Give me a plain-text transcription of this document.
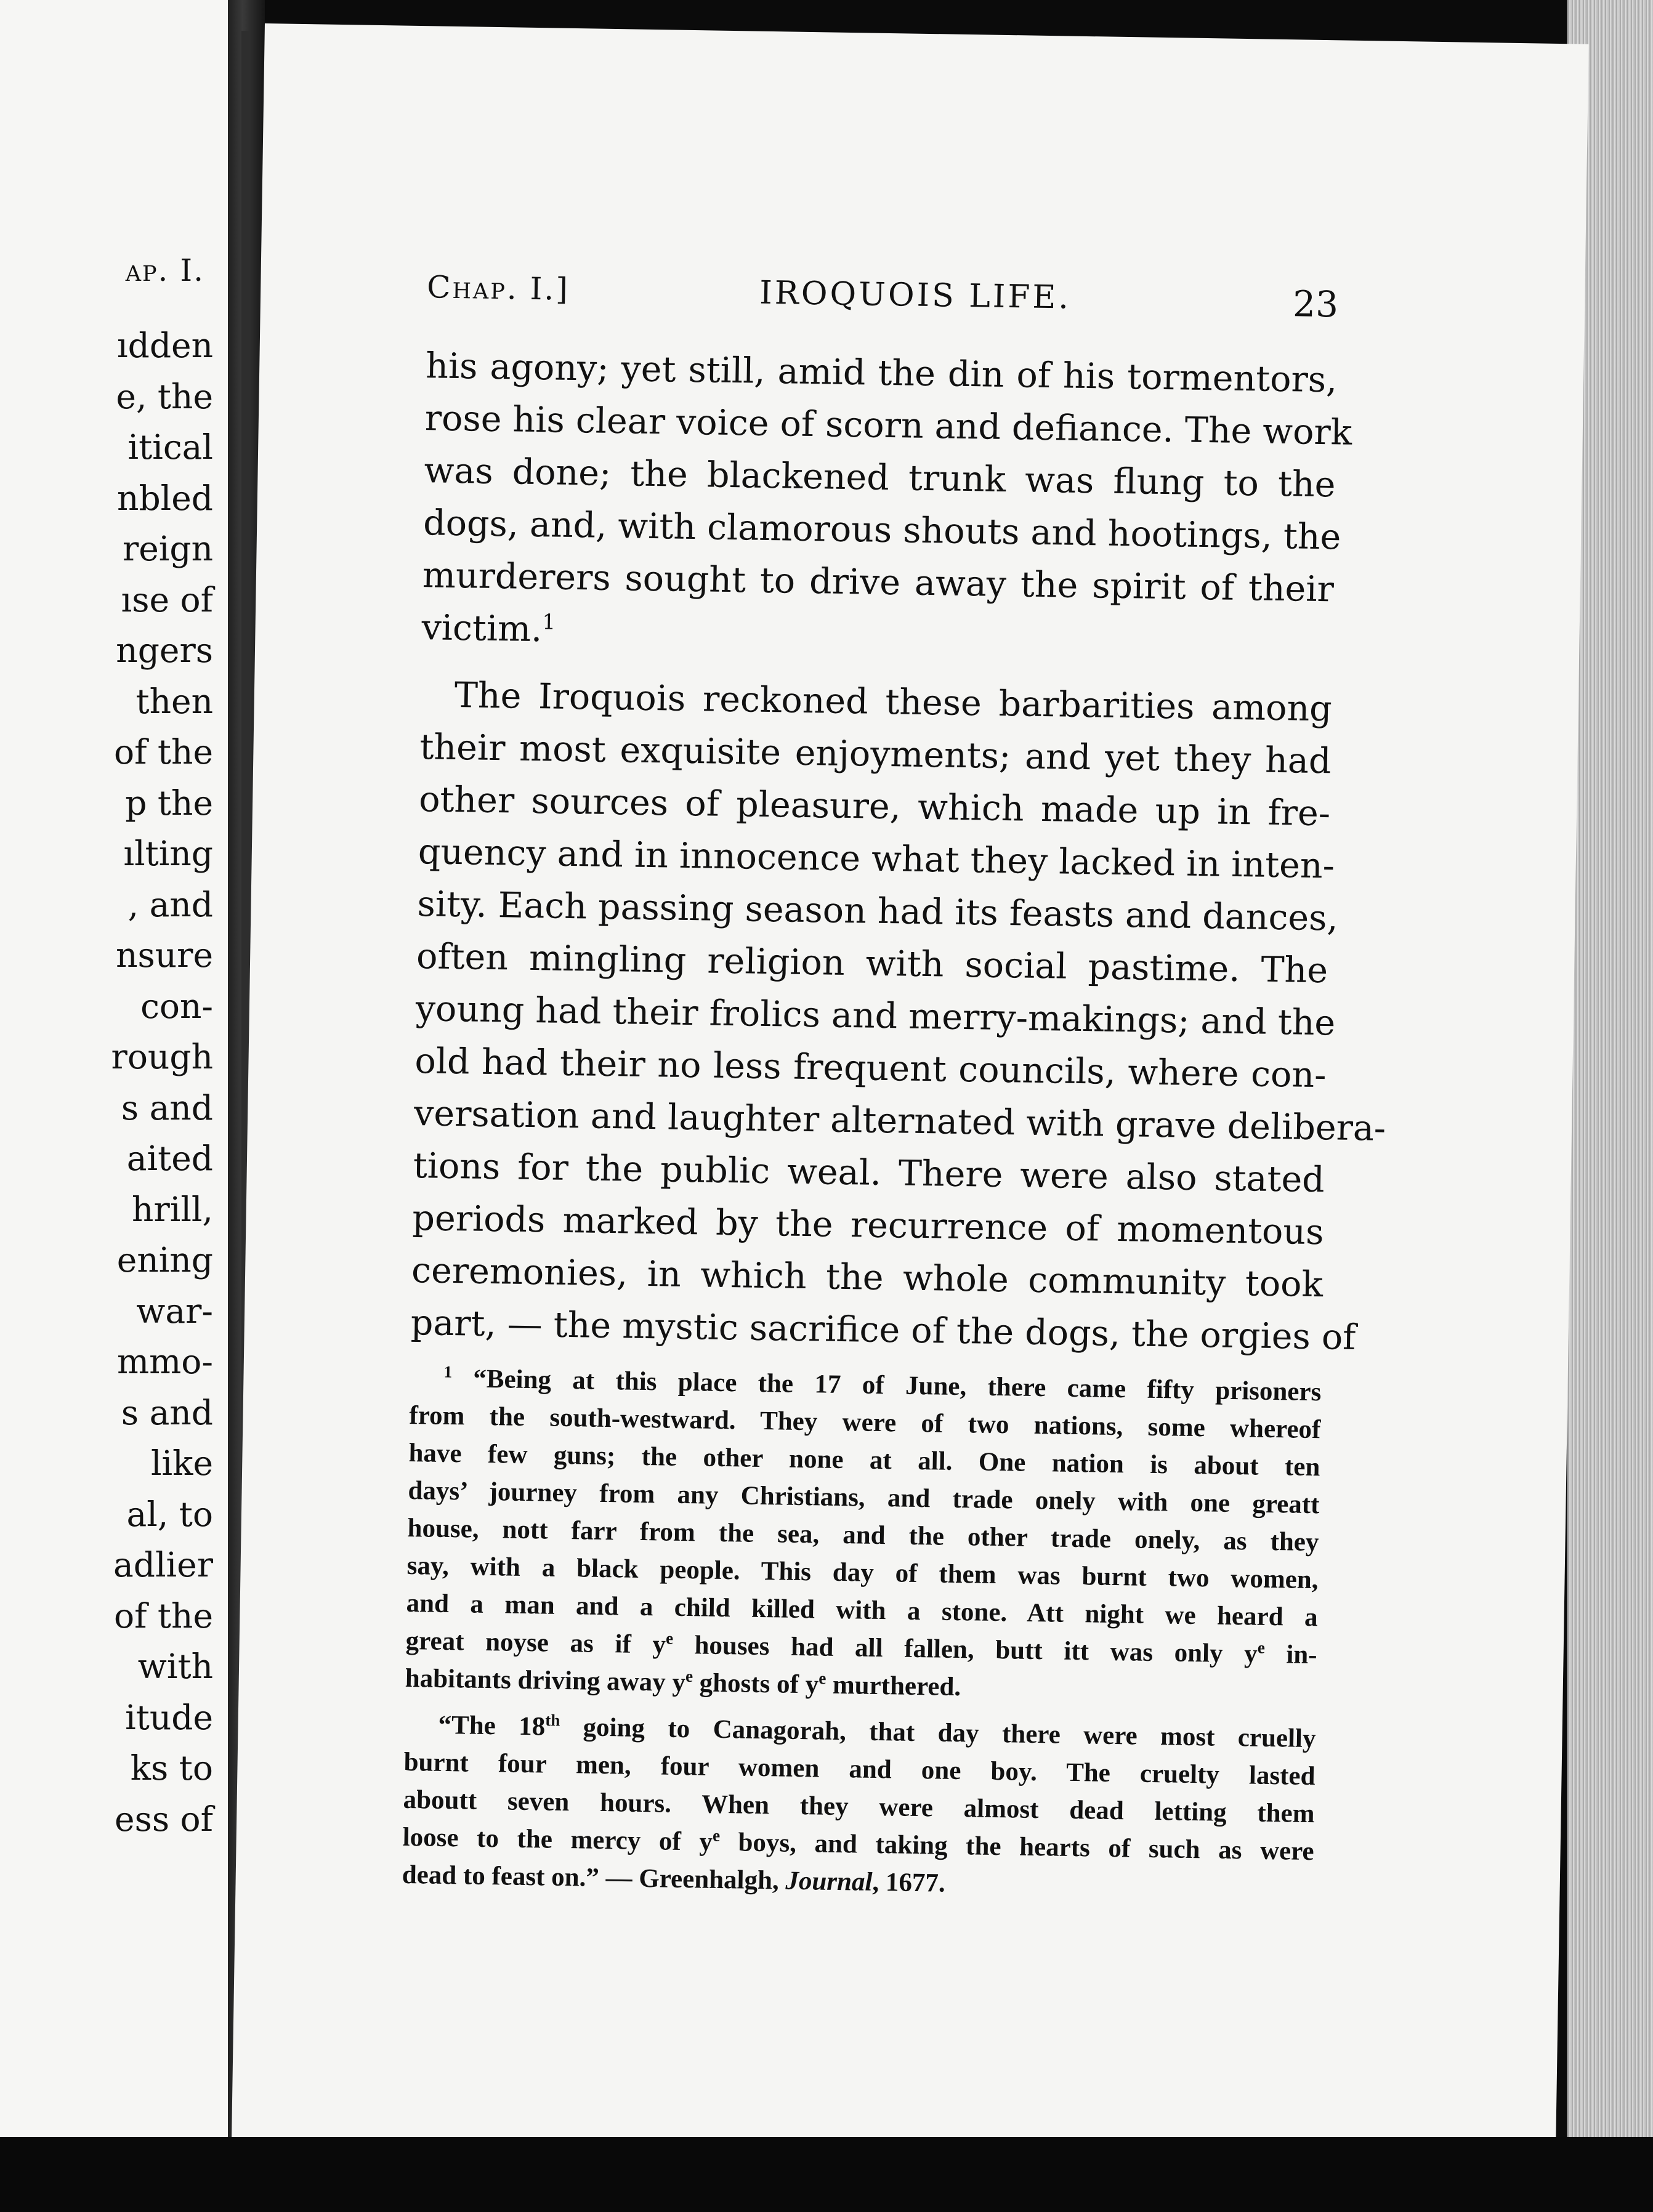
ap. I.
ıdden
e, the
itical
nbled
reign
ıse of
ngers
then
of the
p the
ılting
, and
nsure
con-
rough
s and
aited
hrill,
ening
war-
mmo-
s and
like
al, to
adlier
of the
with
itude
ks to
ess of
Chap. I.]	IROQUOIS LIFE.	23
his agony; yet still, amid the din of his tormentors,
rose his clear voice of scorn and defiance. The work
was done; the blackened trunk was flung to the
dogs, and, with clamorous shouts and hootings, the
murderers sought to drive away the spirit of their
victim.$^1$
The Iroquois reckoned these barbarities among
their most exquisite enjoyments; and yet they had
other sources of pleasure, which made up in fre-
quency and in innocence what they lacked in inten-
sity. Each passing season had its feasts and dances,
often mingling religion with social pastime. The
young had their frolics and merry-makings; and the
old had their no less frequent councils, where con-
versation and laughter alternated with grave delibera-
tions for the public weal. There were also stated
periods marked by the recurrence of momentous
ceremonies, in which the whole community took
part, — the mystic sacrifice of the dogs, the orgies of
$^1$ “Being at this place the 17 of June, there came fifty prisoners
from the south-westward. They were of two nations, some whereof
have few guns; the other none at all. One nation is about ten
days’ journey from any Christians, and trade onely with one greatt
house, nott farr from the sea, and the other trade onely, as they
say, with a black people. This day of them was burnt two women,
and a man and a child killed with a stone. Att night we heard a
great noyse as if $y^e$ houses had all fallen, butt itt was only $y^e$ in-
habitants driving away $y^e$ ghosts of $y^e$ murthered.
“The 18th going to Canagorah, that day there were most cruelly
burnt four men, four women and one boy. The cruelty lasted
aboutt seven hours. When they were almost dead letting them
loose to the mercy of $y^e$ boys, and taking the hearts of such as were
dead to feast on.” — Greenhalgh, Journal, 1677.
